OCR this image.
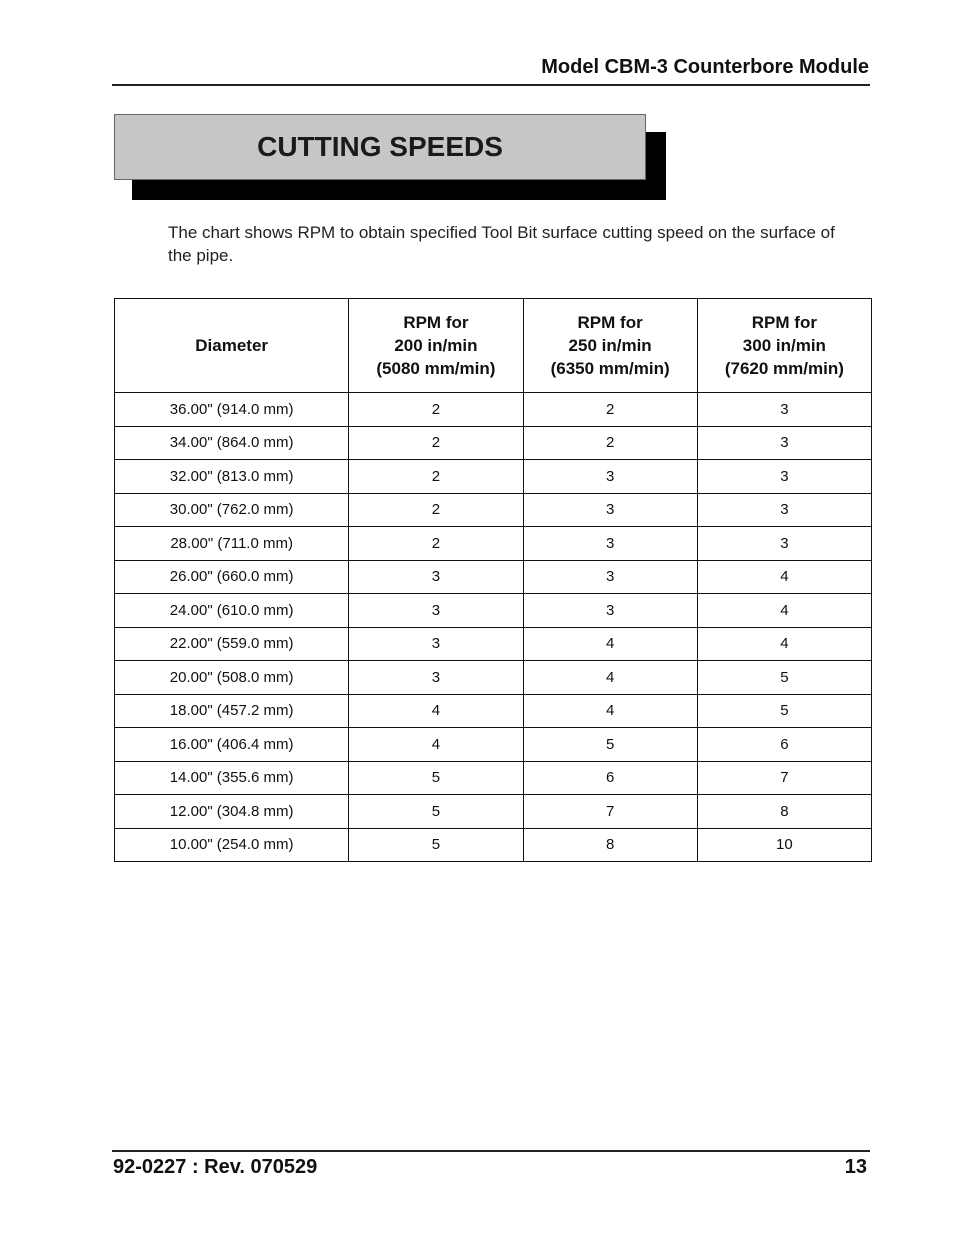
Model CBM-3 Counterbore Module
CUTTING SPEEDS
The chart shows RPM to obtain specified Tool Bit surface cutting speed on the surface of the pipe.
Diameter	RPM for
200 in/min
(5080 mm/min)	RPM for
250 in/min
(6350 mm/min)	RPM for
300 in/min
(7620 mm/min)

36.00" (914.0 mm)	2	2	3
34.00" (864.0 mm)	2	2	3
32.00" (813.0 mm)	2	3	3
30.00" (762.0 mm)	2	3	3
28.00" (711.0 mm)	2	3	3
26.00" (660.0 mm)	3	3	4
24.00" (610.0 mm)	3	3	4
22.00" (559.0 mm)	3	4	4
20.00" (508.0 mm)	3	4	5
18.00" (457.2 mm)	4	4	5
16.00" (406.4 mm)	4	5	6
14.00" (355.6 mm)	5	6	7
12.00" (304.8 mm)	5	7	8
10.00" (254.0 mm)	5	8	10
92-0227 : Rev. 070529	13
